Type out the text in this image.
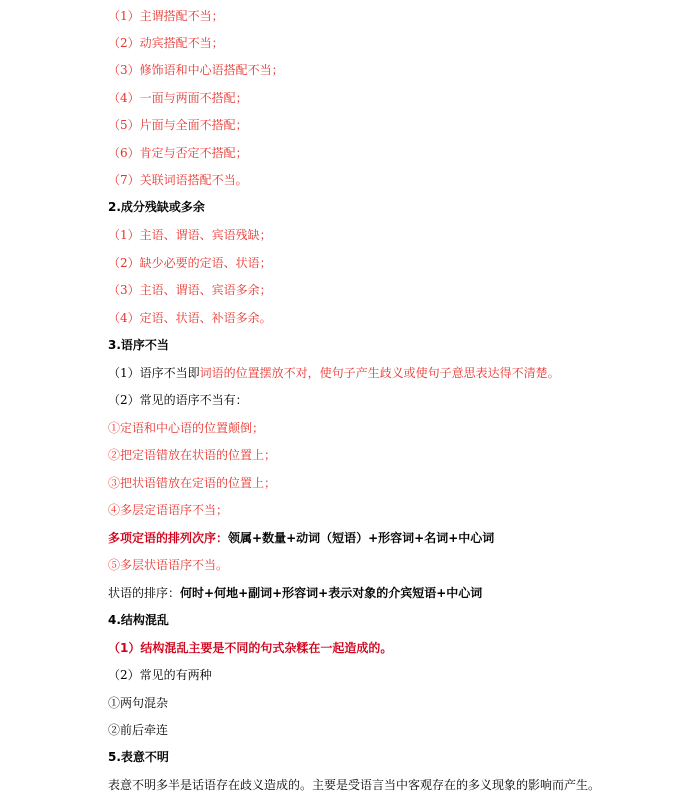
（1）主谓搭配不当；
（2）动宾搭配不当；
（3）修饰语和中心语搭配不当；
（4）一面与两面不搭配；
（5）片面与全面不搭配；
（6）肯定与否定不搭配；
（7）关联词语搭配不当。
2.成分残缺或多余
（1）主语、谓语、宾语残缺；
（2）缺少必要的定语、状语；
（3）主语、谓语、宾语多余；
（4）定语、状语、补语多余。
3.语序不当
（1）语序不当即词语的位置摆放不对，使句子产生歧义或使句子意思表达得不清楚。
（2）常见的语序不当有：
①定语和中心语的位置颠倒；
②把定语错放在状语的位置上；
③把状语错放在定语的位置上；
④多层定语语序不当；
多项定语的排列次序：领属+数量+动词（短语）+形容词+名词+中心词
⑤多层状语语序不当。
状语的排序：何时+何地+副词+形容词+表示对象的介宾短语+中心词
4.结构混乱
（1）结构混乱主要是不同的句式杂糅在一起造成的。
（2）常见的有两种
①两句混杂
②前后牵连
5.表意不明
表意不明多半是话语存在歧义造成的。主要是受语言当中客观存在的多义现象的影响而产生。
